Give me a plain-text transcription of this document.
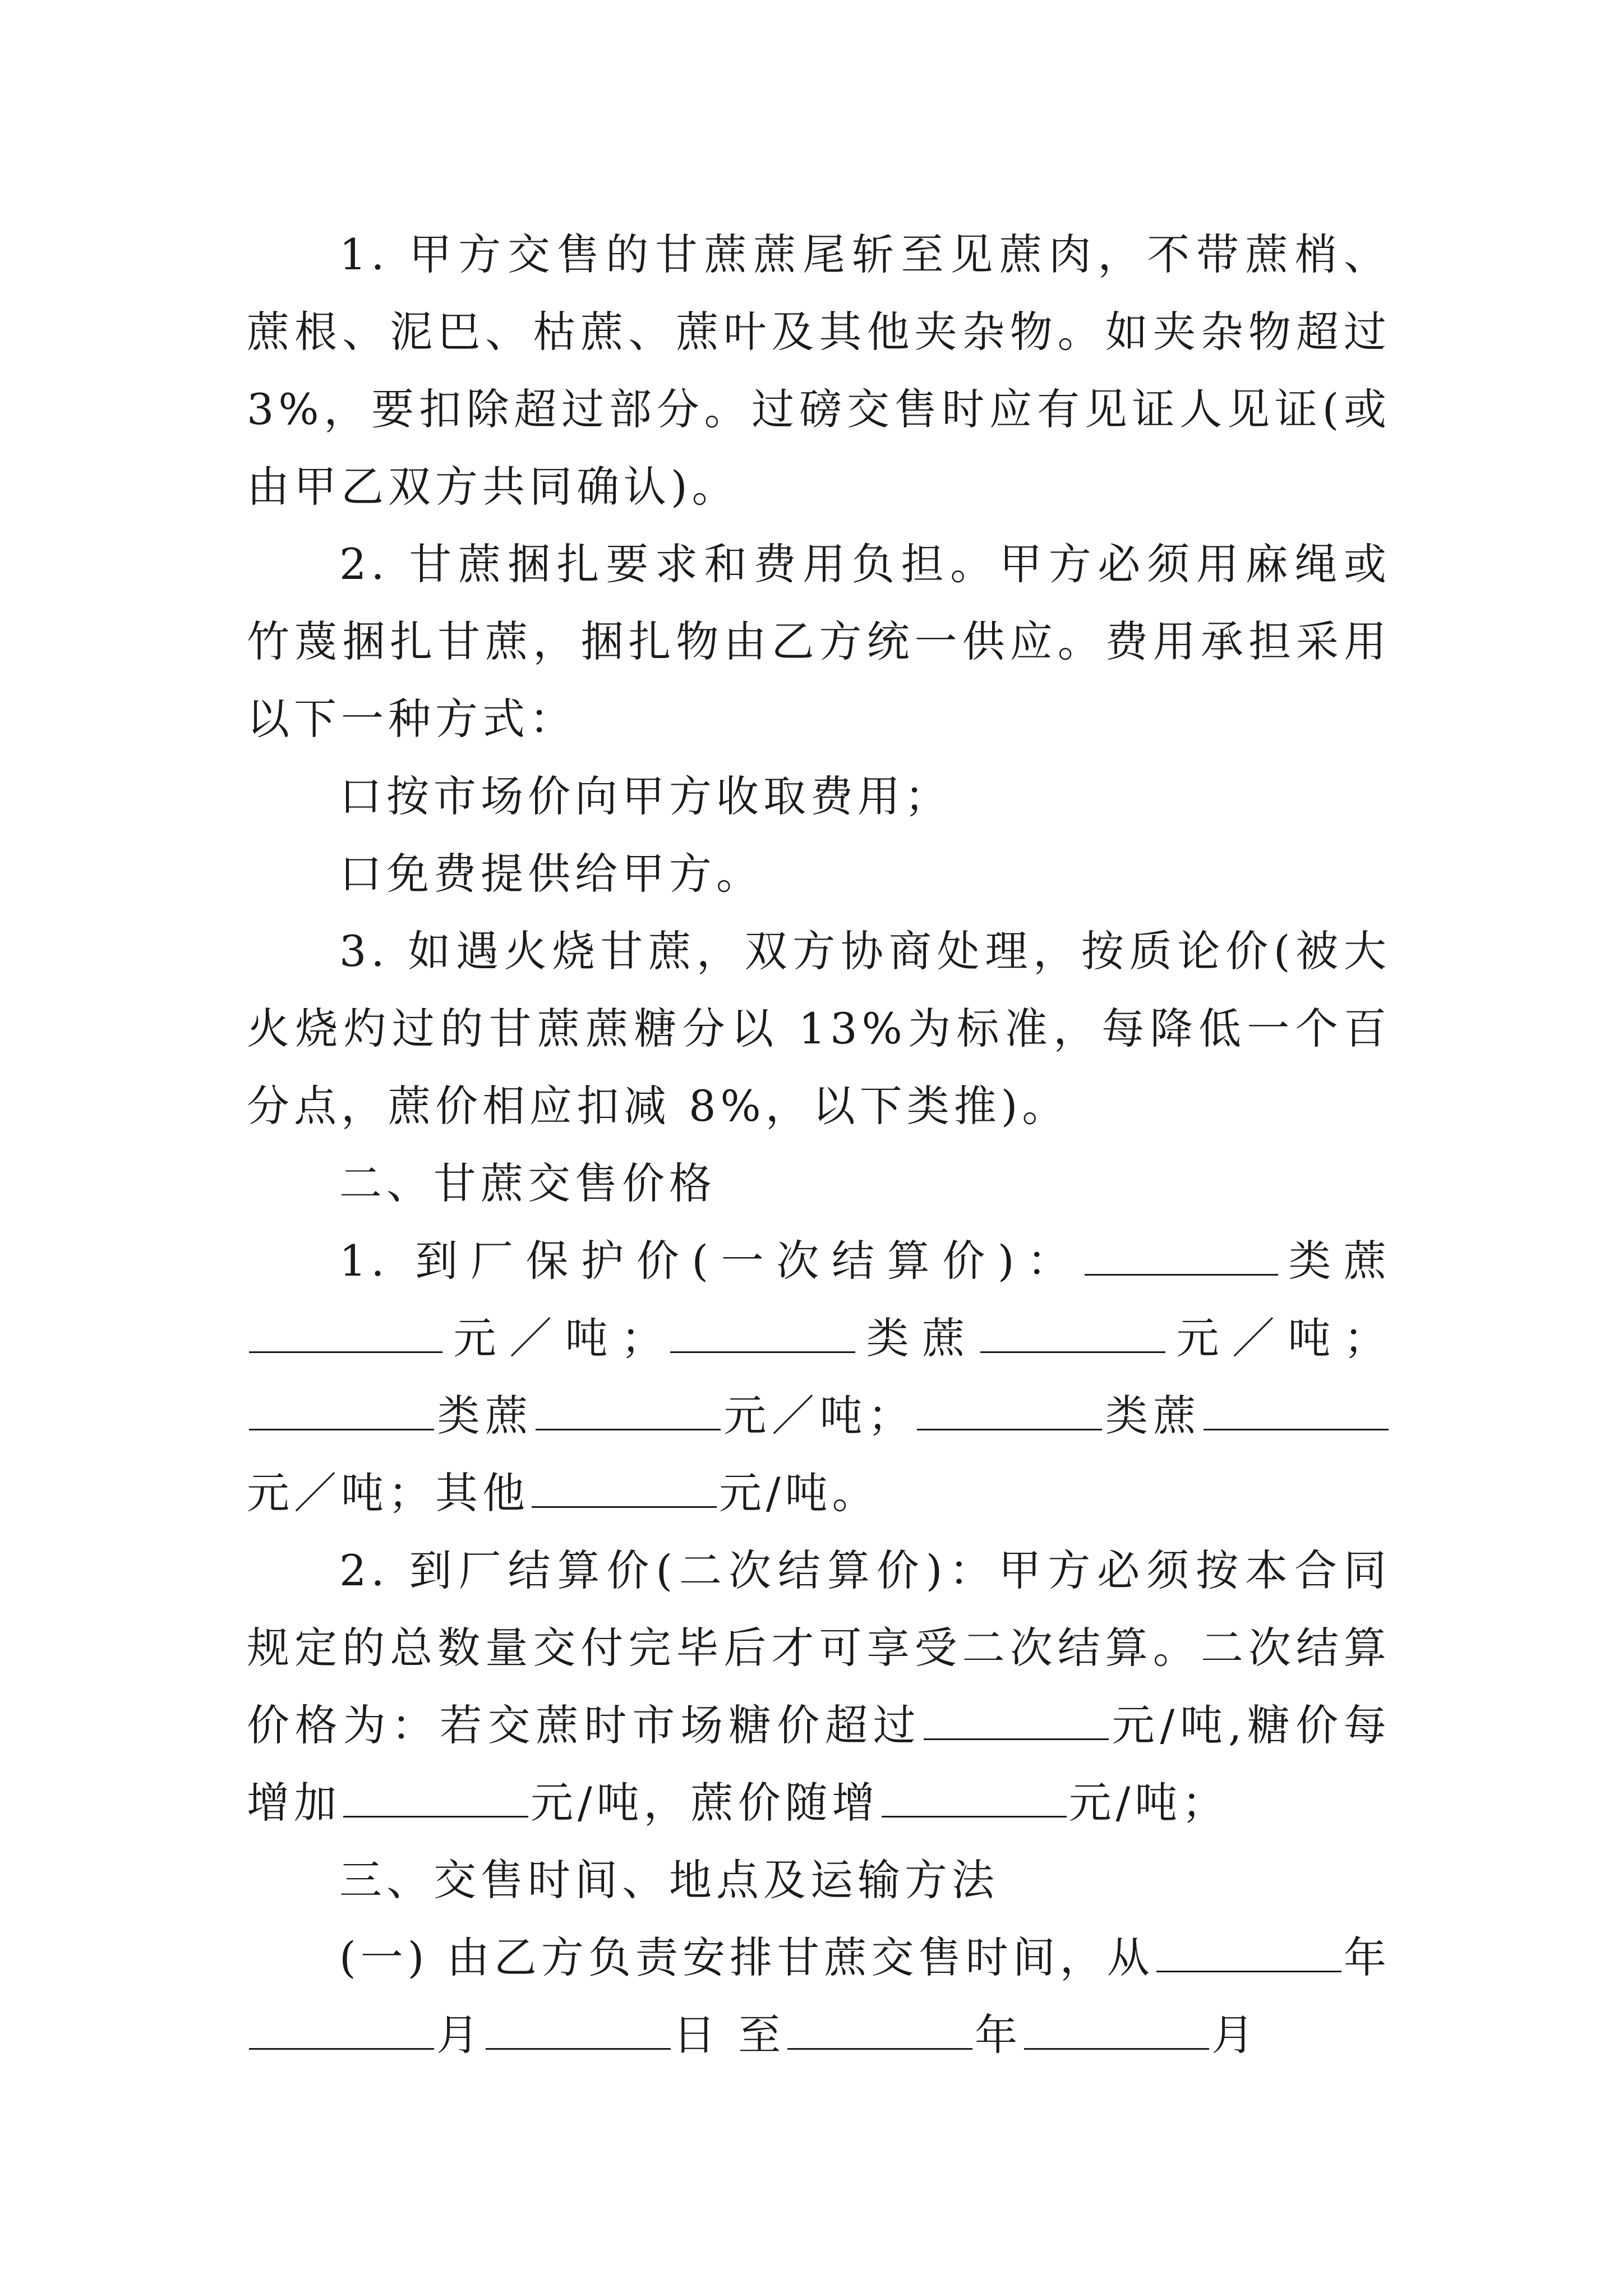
1. 甲方交售的甘蔗蔗尾斩至见蔗肉，不带蔗梢、蔗根、泥巴、枯蔗、蔗叶及其他夹杂物。如夹杂物超过 3%，要扣除超过部分。过磅交售时应有见证人见证(或由甲乙双方共同确认)。

2. 甘蔗捆扎要求和费用负担。甲方必须用麻绳或竹蔑捆扎甘蔗，捆扎物由乙方统一供应。费用承担采用以下一种方式：

口按市场价向甲方收取费用；

口免费提供给甲方。

3. 如遇火烧甘蔗，双方协商处理，按质论价(被大火烧灼过的甘蔗蔗糖分以 13%为标准，每降低一个百分点，蔗价相应扣减 8%，以下类推)。

二、甘蔗交售价格

1. 到厂保护价(一次结算价)：	类蔗元／吨；	类蔗	元／吨；类蔗	元／吨；	类蔗元／吨；其他	元/吨。

2. 到厂结算价(二次结算价)：甲方必须按本合同规定的总数量交付完毕后才可享受二次结算。二次结算价格为：若交蔗时市场糖价超过	元/吨,糖价每增加	元/吨，蔗价随增	元/吨；

三、交售时间、地点及运输方法

(一) 由乙方负责安排甘蔗交售时间，从	年月	日 至	年	月
